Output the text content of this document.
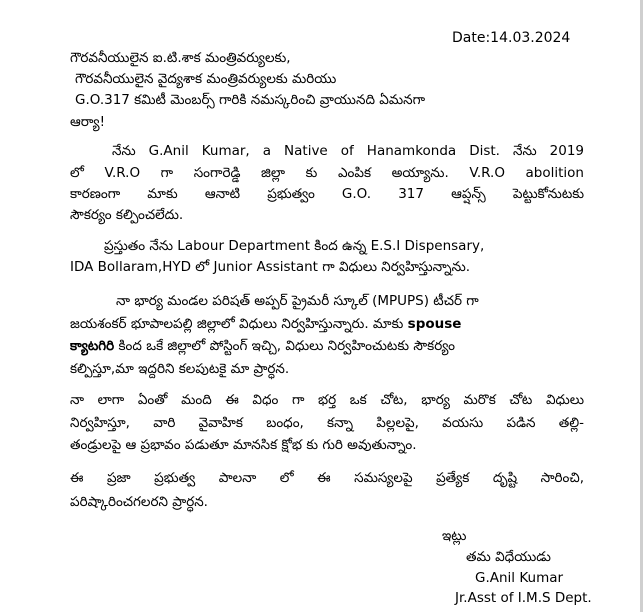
Date:14.03.2024
గౌరవనీయులైన ఐ.టి.శాక మంత్రివర్యులకు,
గౌరవనీయులైన వైద్యశాక మంత్రివర్యులకు మరియు
G.O.317 కమిటీ మెంబర్స్ గారికి నమస్కరించి వ్రాయునది ఏమనగా
ఆర్యా!
నేను G.Anil Kumar, a Native of Hanamkonda Dist. నేను 2019
లో V.R.O గా సంగారెడ్డి జిల్లా కు ఎంపిక అయ్యాను. V.R.O abolition
కారణంగా మాకు ఆనాటి ప్రభుత్వం G.O. 317 ఆప్షన్స్ పెట్టుకోనుటకు
సౌకర్యం కల్పించలేదు.
ప్రస్తుతం నేను Labour Department కింద ఉన్న E.S.I Dispensary,
IDA Bollaram,HYD లో Junior Assistant గా విధులు నిర్వహిస్తున్నాను.
నా భార్య మండల పరిషత్ అప్పర్ ప్రైమరీ స్కూల్ (MPUPS) టీచర్ గా
జయశంకర్ భూపాలపల్లి జిల్లాలో విధులు నిర్వహిస్తున్నారు. మాకు spouse
క్యాటగిరి కింద ఒకే జిల్లాలో పోస్టింగ్ ఇచ్చి, విధులు నిర్వహించుటకు సౌకర్యం
కల్పిస్తూ,మా ఇద్దరిని కలపుటకై మా ప్రార్ధన.
నా లాగా ఏంతో మంది ఈ విధం గా భర్త ఒక చోట, భార్య మరొక చోట విధులు
నిర్వహిస్తూ, వారి వైవాహిక బంధం, కన్నా పిల్లలపై, వయసు పడిన తల్లి-
తండ్రులపై ఆ ప్రభావం పడుతూ మానసిక క్షోభ కు గురి అవుతున్నాం.
ఈ ప్రజా ప్రభుత్వ పాలనా లో ఈ సమస్యలపై ప్రత్యేక దృష్టి సారించి,
పరిష్కారించగలరని ప్రార్ధన.
ఇట్లు
తమ విధేయుడు
G.Anil Kumar
Jr.Asst of I.M.S Dept.
